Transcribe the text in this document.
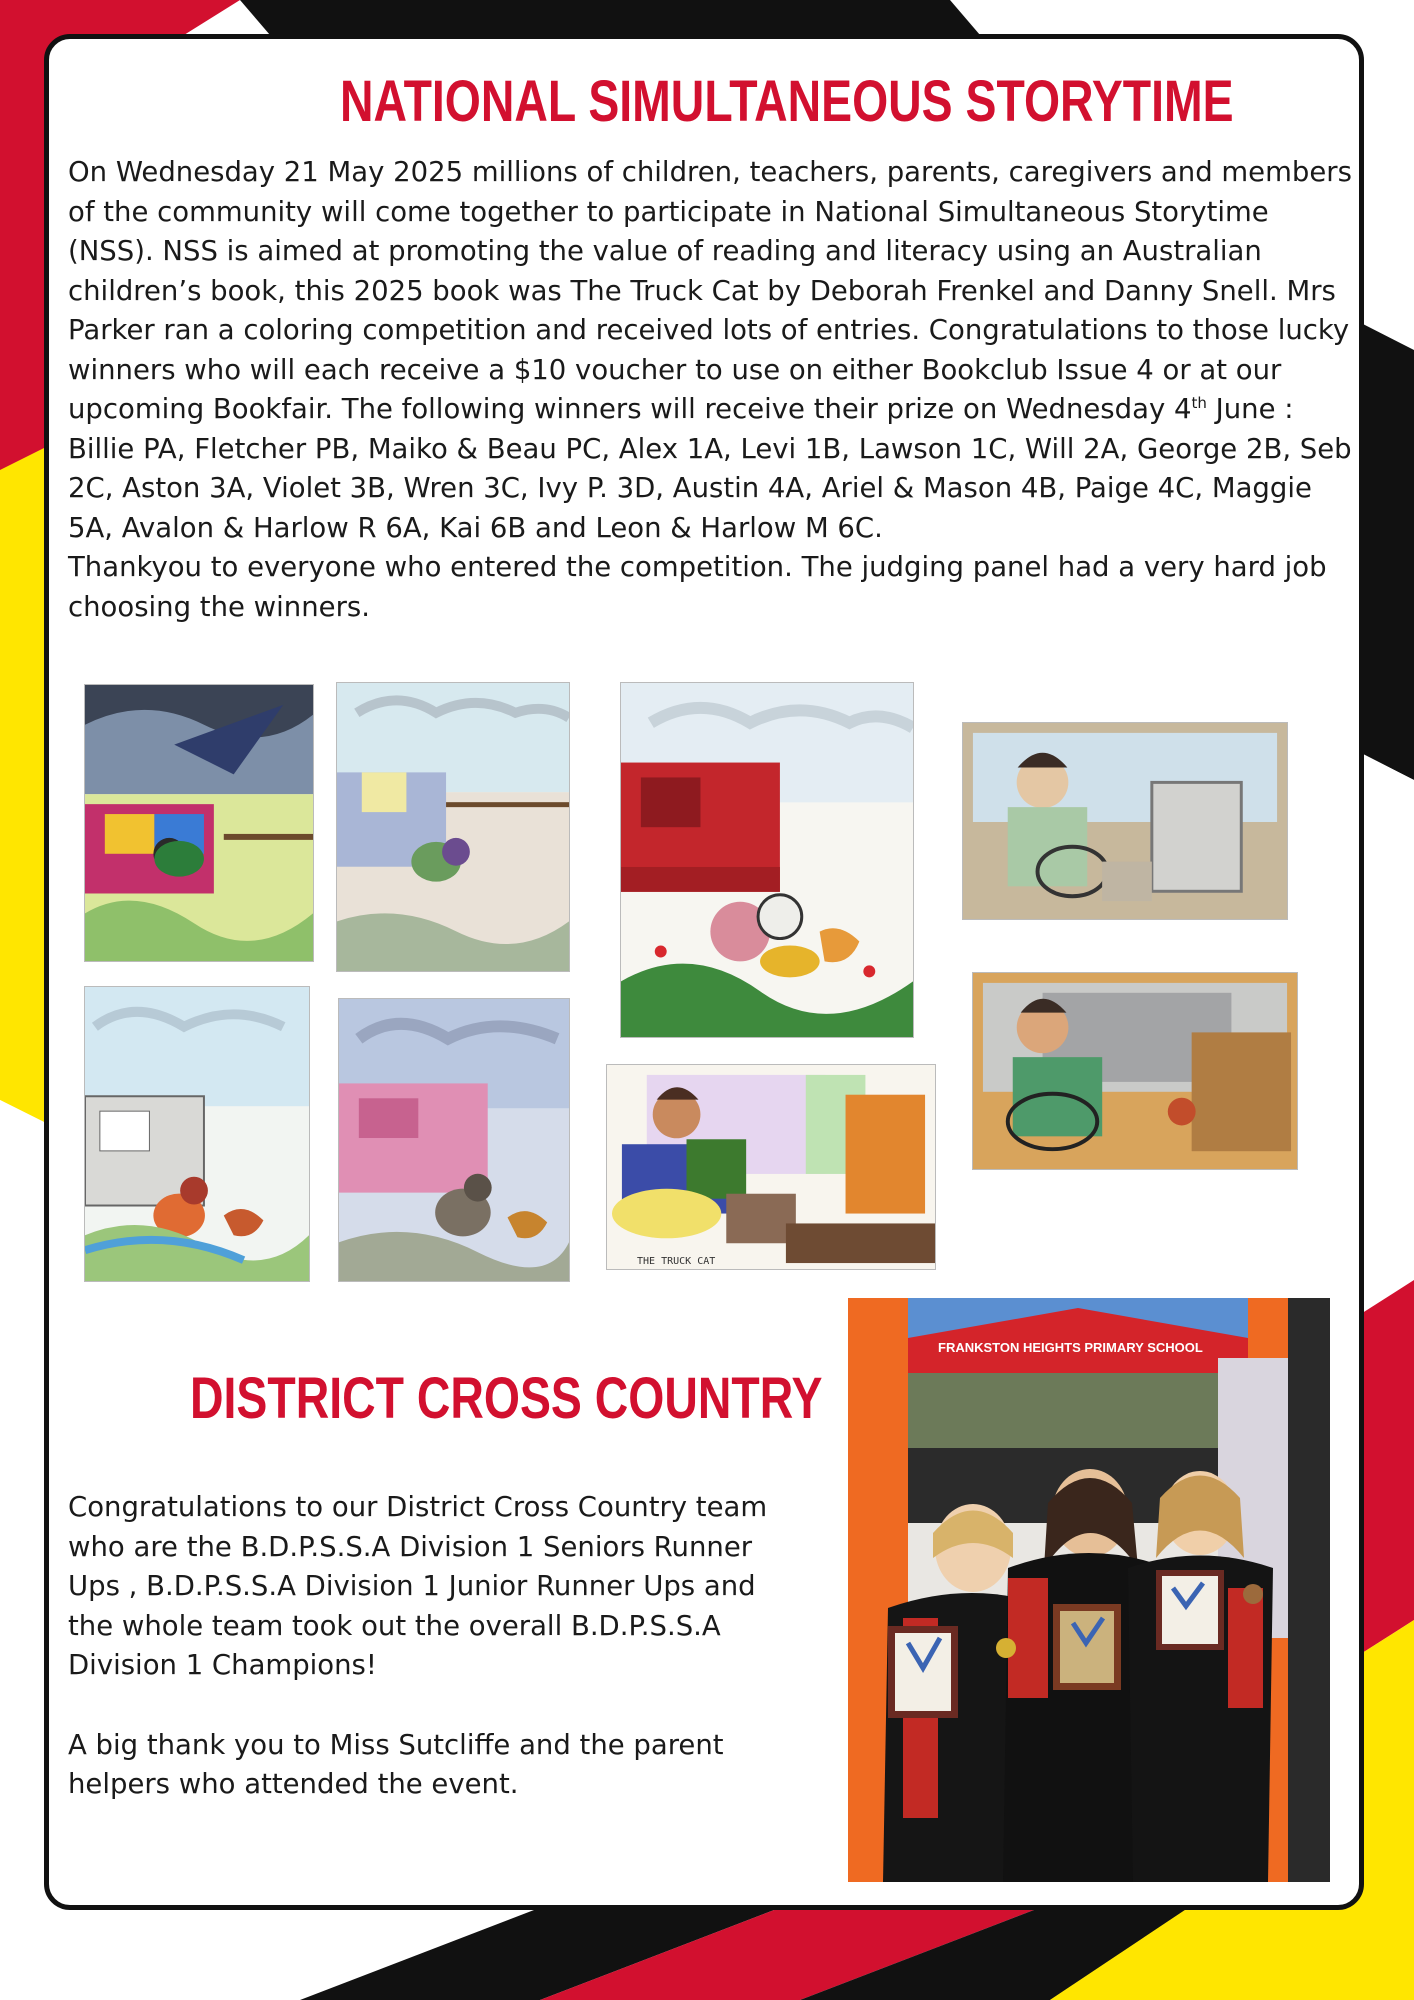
NATIONAL SIMULTANEOUS STORYTIME

On Wednesday 21 May 2025 millions of children, teachers, parents, caregivers and members of the community will come together to participate in National Simultaneous Storytime (NSS). NSS is aimed at promoting the value of reading and literacy using an Australian children’s book, this 2025 book was The Truck Cat by Deborah Frenkel and Danny Snell. Mrs Parker ran a coloring competition and received lots of entries. Congratulations to those lucky winners who will each receive a $10 voucher to use on either Bookclub Issue 4 or at our upcoming Bookfair. The following winners will receive their prize on Wednesday 4th June : Billie PA, Fletcher PB, Maiko & Beau PC, Alex 1A, Levi 1B, Lawson 1C, Will 2A, George 2B, Seb 2C, Aston 3A, Violet 3B, Wren 3C, Ivy P. 3D, Austin 4A, Ariel & Mason 4B, Paige 4C, Maggie 5A, Avalon & Harlow R 6A, Kai 6B and Leon & Harlow M 6C.

Thankyou to everyone who entered the competition. The judging panel had a very hard job choosing the winners.

THE TRUCK CAT
DISTRICT CROSS COUNTRY

Congratulations to our District Cross Country team who are the B.D.P.S.S.A Division 1 Seniors Runner Ups , B.D.P.S.S.A Division 1 Junior Runner Ups and the whole team took out the overall B.D.P.S.S.A Division 1 Champions!

A big thank you to Miss Sutcliffe and the parent helpers who attended the event.

FRANKSTON HEIGHTS PRIMARY SCHOOL
